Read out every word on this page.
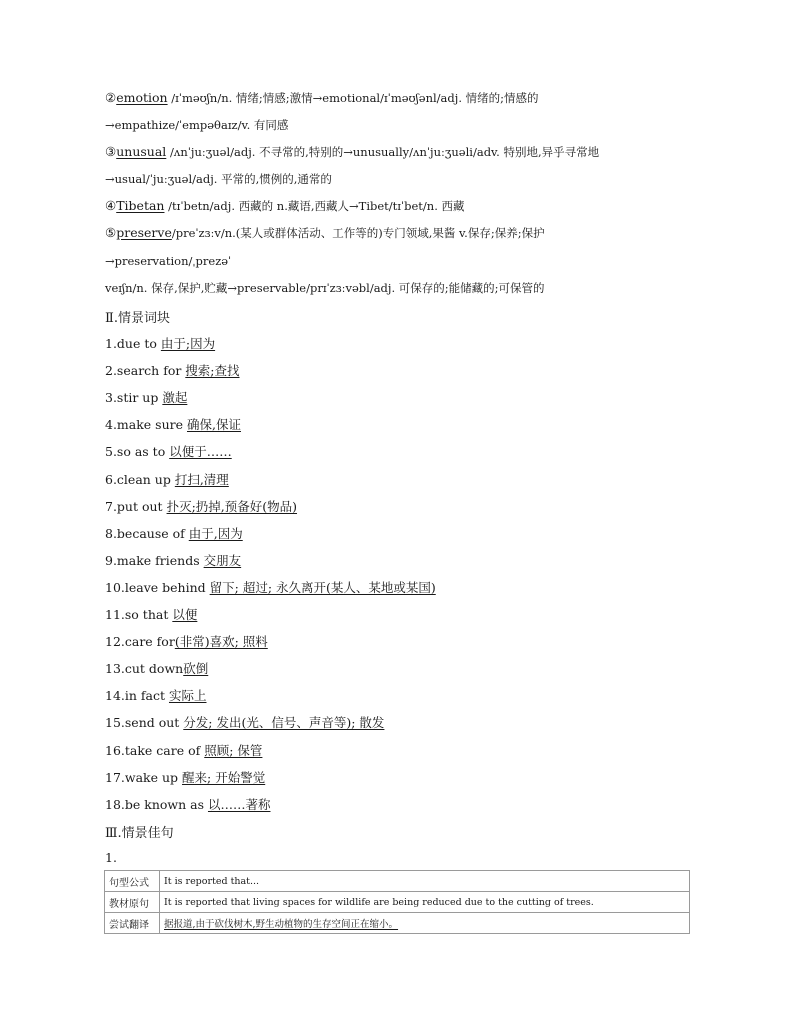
②emotion /ɪˈməʊʃn/n. 情绪;情感;激情→emotional/ɪˈməʊʃənl/adj. 情绪的;情感的
→empathize/ˈempəθaɪz/v. 有同感
③unusual /ʌnˈjuːʒuəl/adj. 不寻常的,特别的→unusually/ʌnˈjuːʒuəli/adv. 特别地,异乎寻常地
→usual/ˈjuːʒuəl/adj. 平常的,惯例的,通常的
④Tibetan /tɪˈbetn/adj. 西藏的 n.藏语,西藏人→Tibet/tɪˈbet/n. 西藏
⑤preserve/preˈzɜːv/n.(某人或群体活动、工作等的)专门领域,果酱 v.保存;保养;保护
→preservation/ˌprezəˈ
veɪʃn/n. 保存,保护,贮藏→preservable/prɪˈzɜːvəbl/adj. 可保存的;能储藏的;可保管的
Ⅱ.情景词块
1.due to 由于;因为
2.search for 搜索;查找
3.stir up 激起
4.make sure 确保,保证
5.so as to 以便于……
6.clean up 打扫,清理
7.put out 扑灭;扔掉,预备好(物品)
8.because of 由于,因为
9.make friends 交朋友
10.leave behind 留下; 超过; 永久离开(某人、某地或某国)
11.so that 以便
12.care for(非常)喜欢; 照料
13.cut down砍倒
14.in fact 实际上
15.send out 分发; 发出(光、信号、声音等); 散发
16.take care of 照顾; 保管
17.wake up 醒来; 开始警觉
18.be known as 以……著称
Ⅲ.情景佳句
1.
句型公式	It is reported that...
教材原句	It is reported that living spaces for wildlife are being reduced due to the cutting of trees.
尝试翻译	据报道,由于砍伐树木,野生动植物的生存空间正在缩小。
